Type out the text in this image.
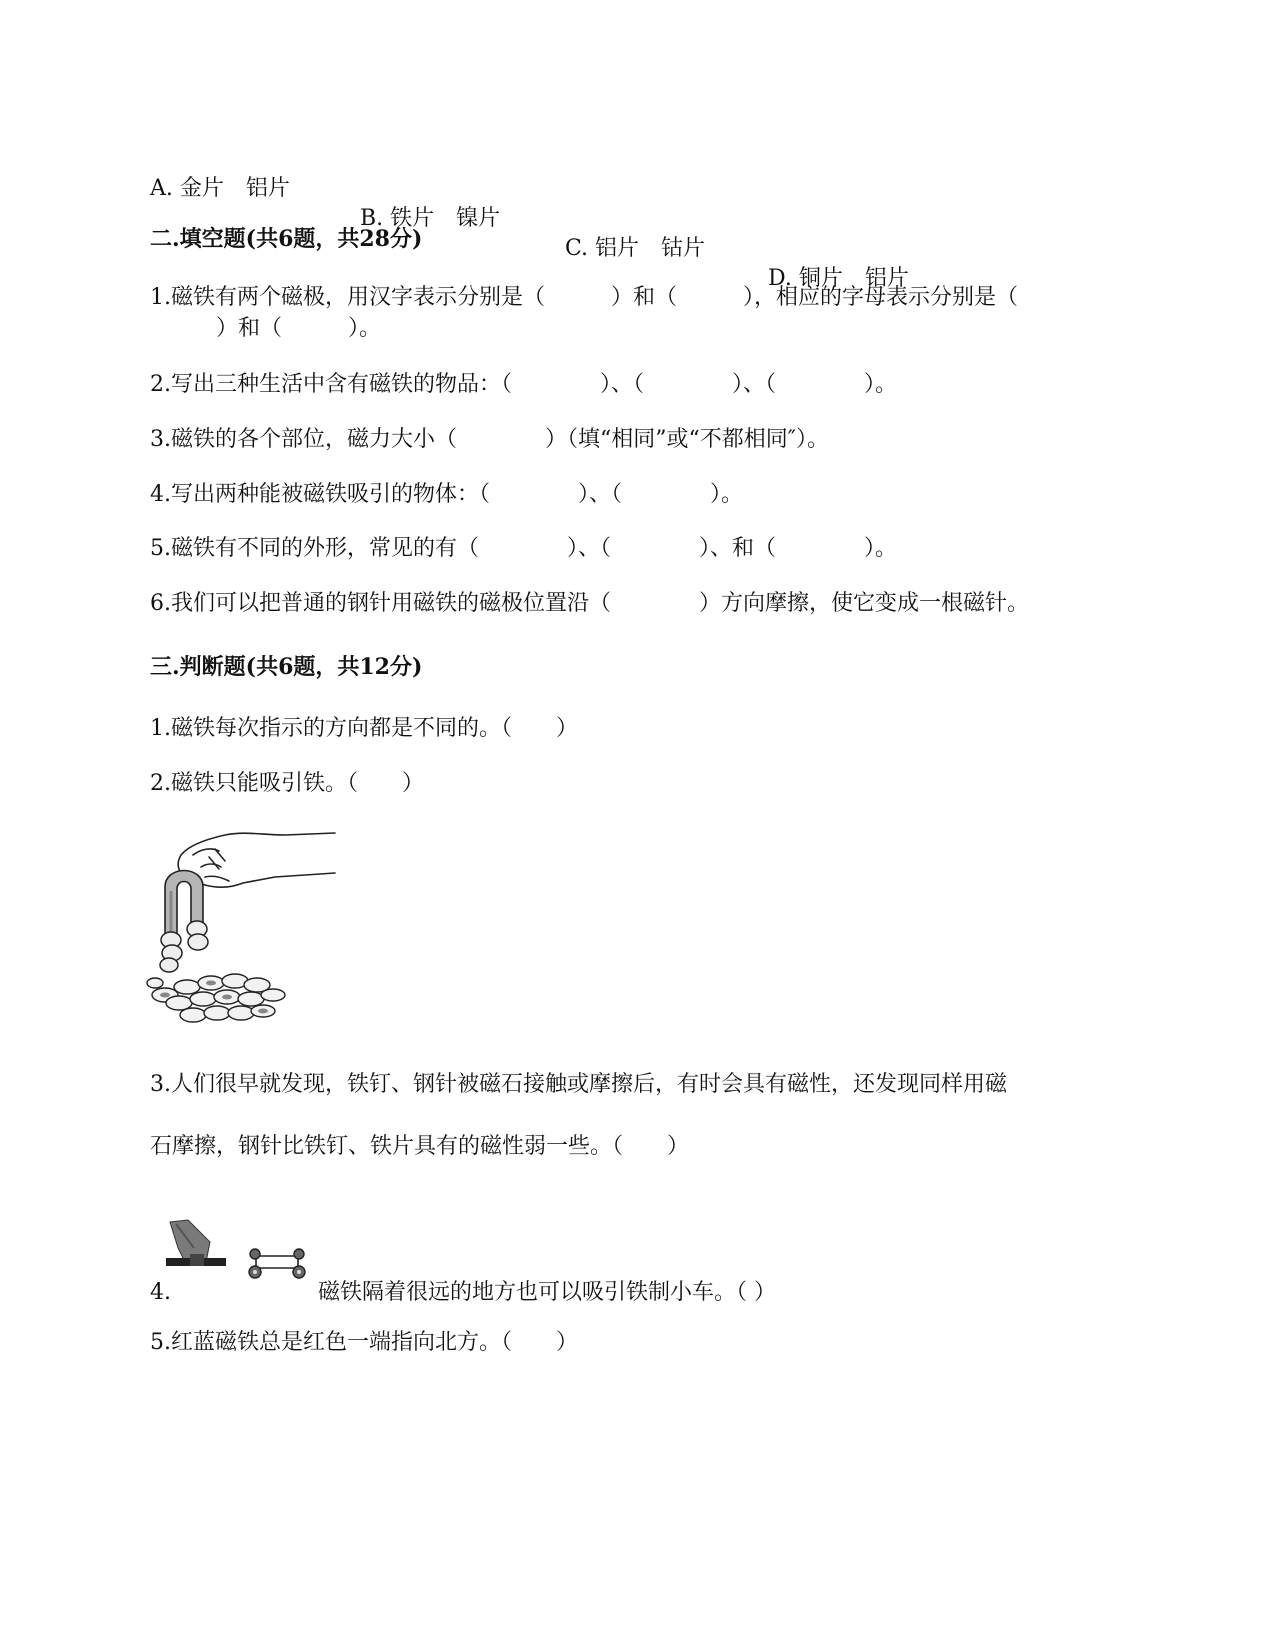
A. 金片　铝片

B. 铁片　镍片

C. 铝片　钴片

D. 铜片　铝片

二.填空题(共6题，共28分)
1.磁铁有两个磁极，用汉字表示分别是（　　　）和（　　　），相应的字母表示分别是（
　　　）和（　　　）。
2.写出三种生活中含有磁铁的物品：（　　　　）、（　　　　）、（　　　　）。
3.磁铁的各个部位，磁力大小（　　　　）（填“相同”或“不都相同″）。
4.写出两种能被磁铁吸引的物体：（　　　　）、（　　　　）。
5.磁铁有不同的外形，常见的有（　　　　）、（　　　　）、和（　　　　）。
6.我们可以把普通的钢针用磁铁的磁极位置沿（　　　　）方向摩擦，使它变成一根磁针。
三.判断题(共6题，共12分)
1.磁铁每次指示的方向都是不同的。（　　）
2.磁铁只能吸引铁。（　　）
3.人们很早就发现，铁钉、钢针被磁石接触或摩擦后，有时会具有磁性，还发现同样用磁
石摩擦，钢针比铁钉、铁片具有的磁性弱一些。（　　）
4.	磁铁隔着很远的地方也可以吸引铁制小车。（ ）
5.红蓝磁铁总是红色一端指向北方。（　　）
